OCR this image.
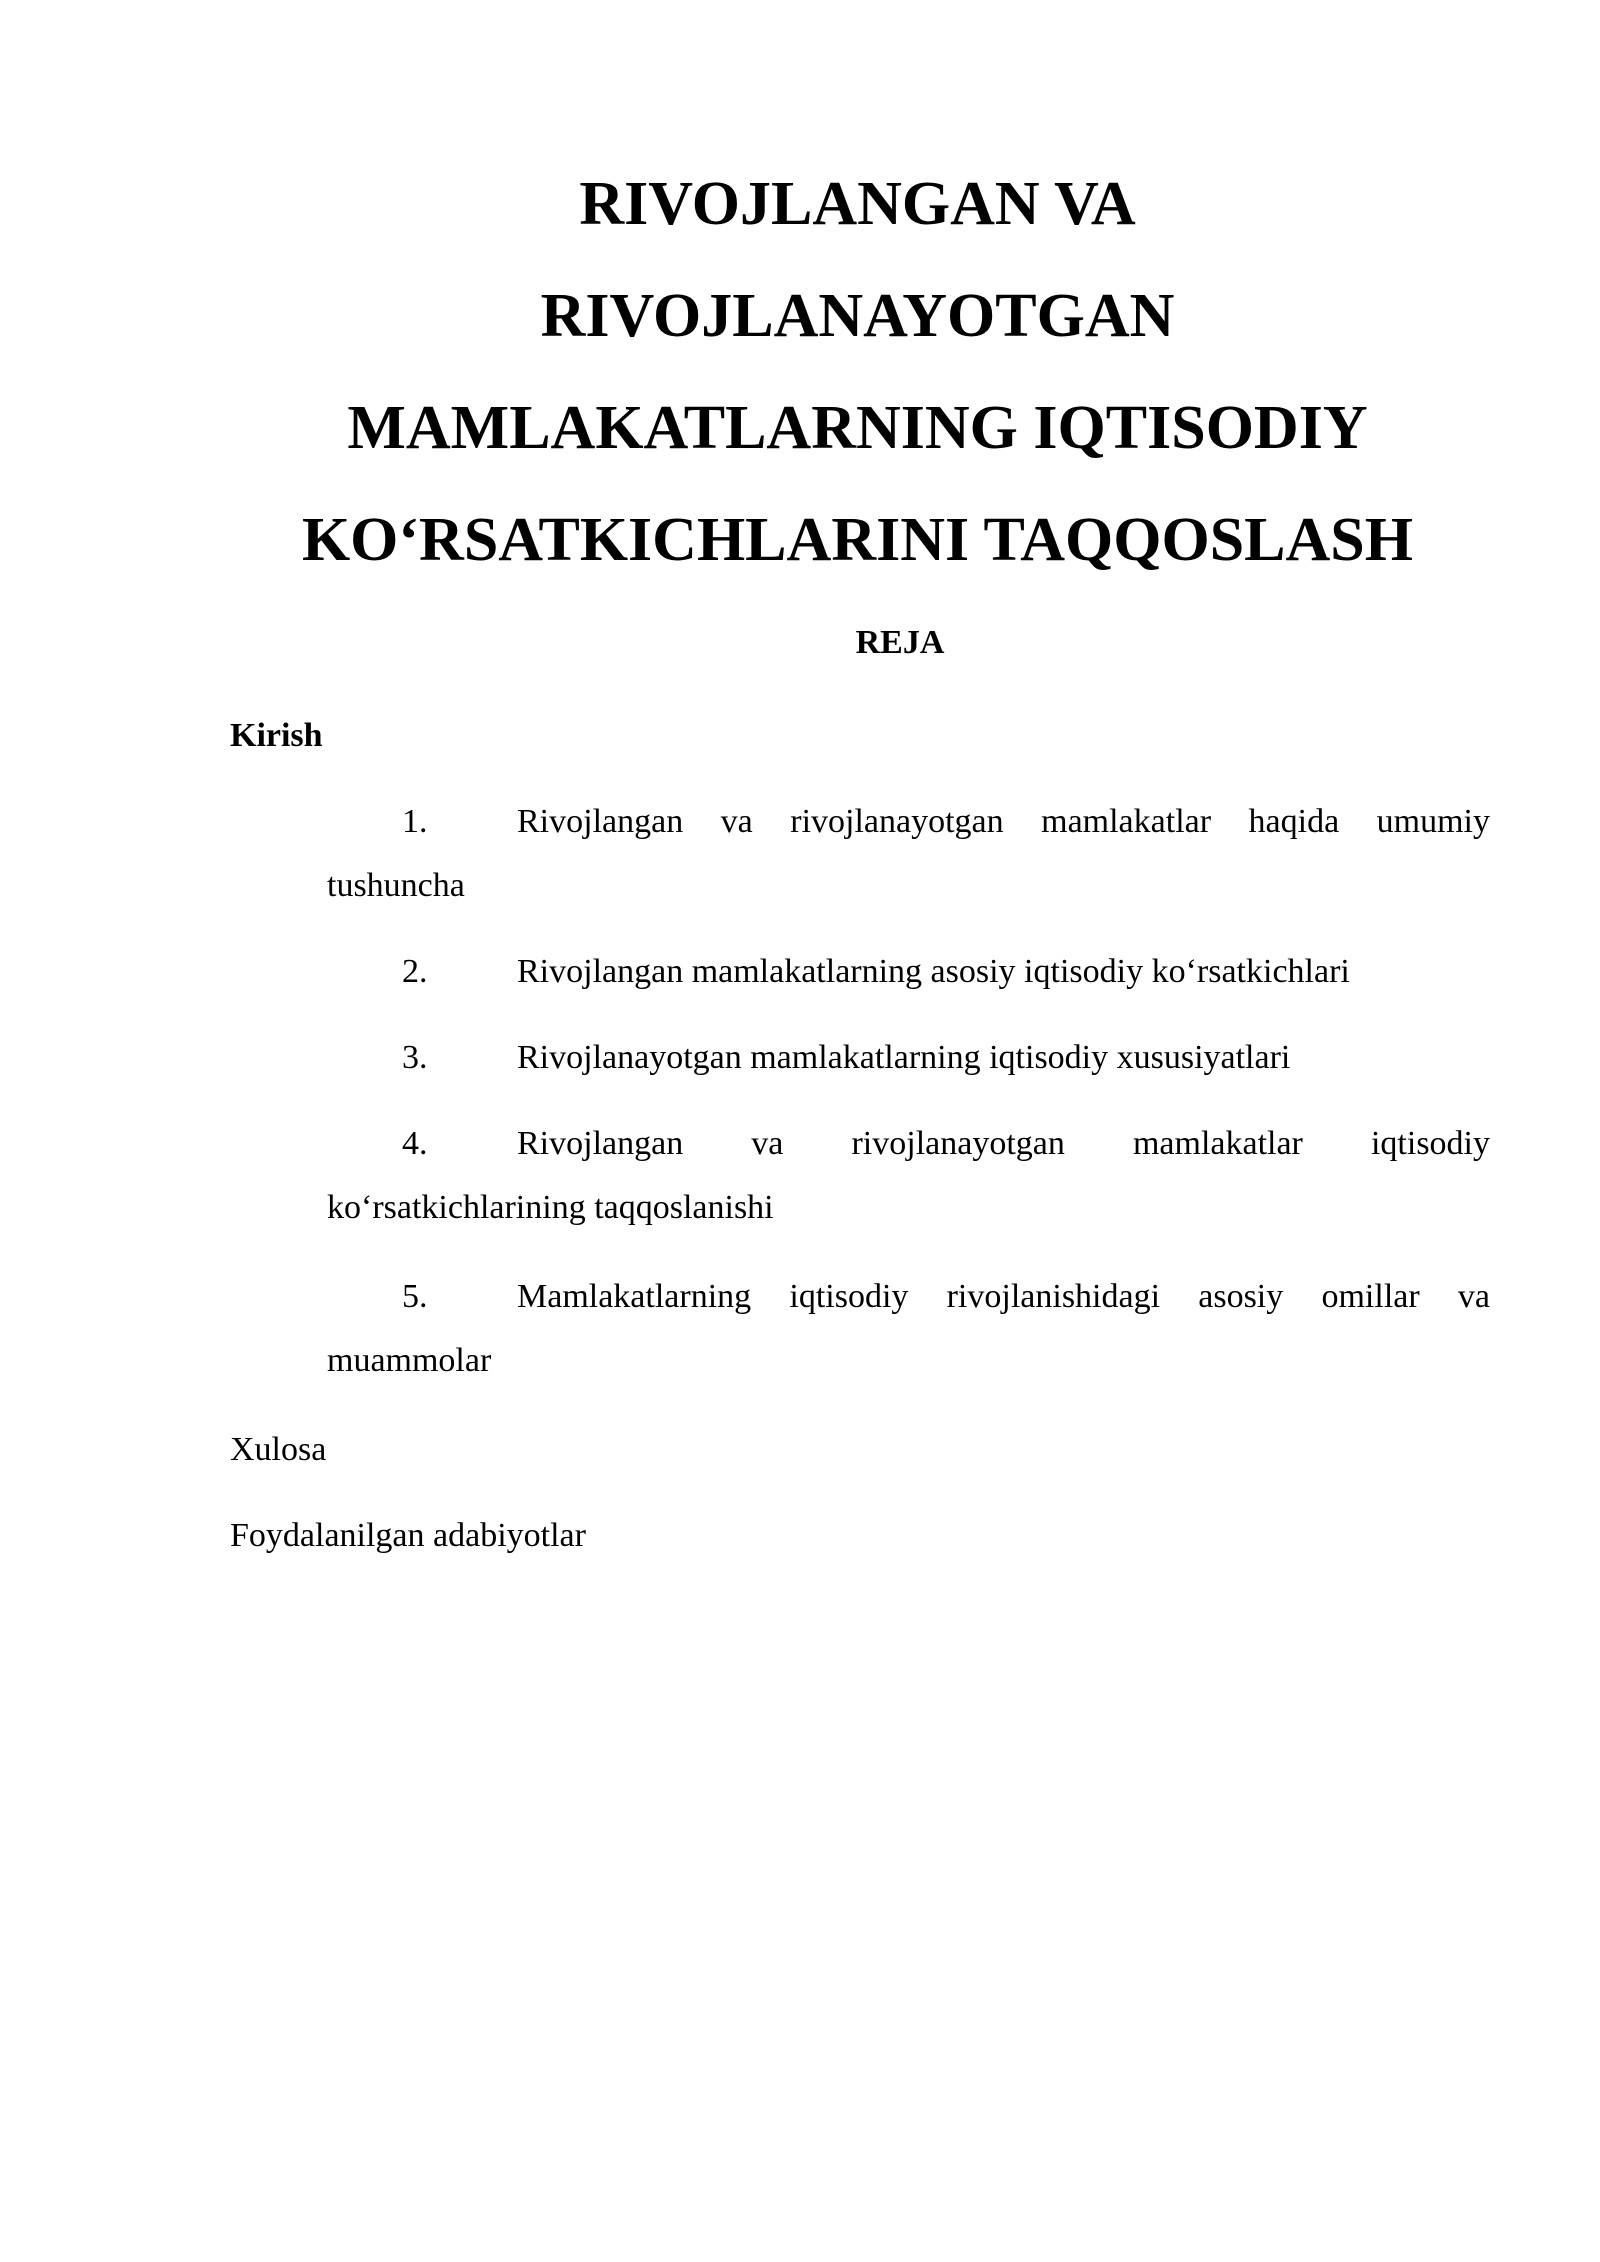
RIVOJLANGAN VA
RIVOJLANAYOTGAN
MAMLAKATLARNING IQTISODIY
KO‘RSATKICHLARINI TAQQOSLASH

REJA

Kirish

1.	Rivojlangan va rivojlanayotgan mamlakatlar haqida umumiy tushuncha
2.	Rivojlangan mamlakatlarning asosiy iqtisodiy ko‘rsatkichlari
3.	Rivojlanayotgan mamlakatlarning iqtisodiy xususiyatlari
4.	Rivojlangan va rivojlanayotgan mamlakatlar iqtisodiy ko‘rsatkichlarining taqqoslanishi
5.	Mamlakatlarning iqtisodiy rivojlanishidagi asosiy omillar va muammolar

Xulosa

Foydalanilgan adabiyotlar
